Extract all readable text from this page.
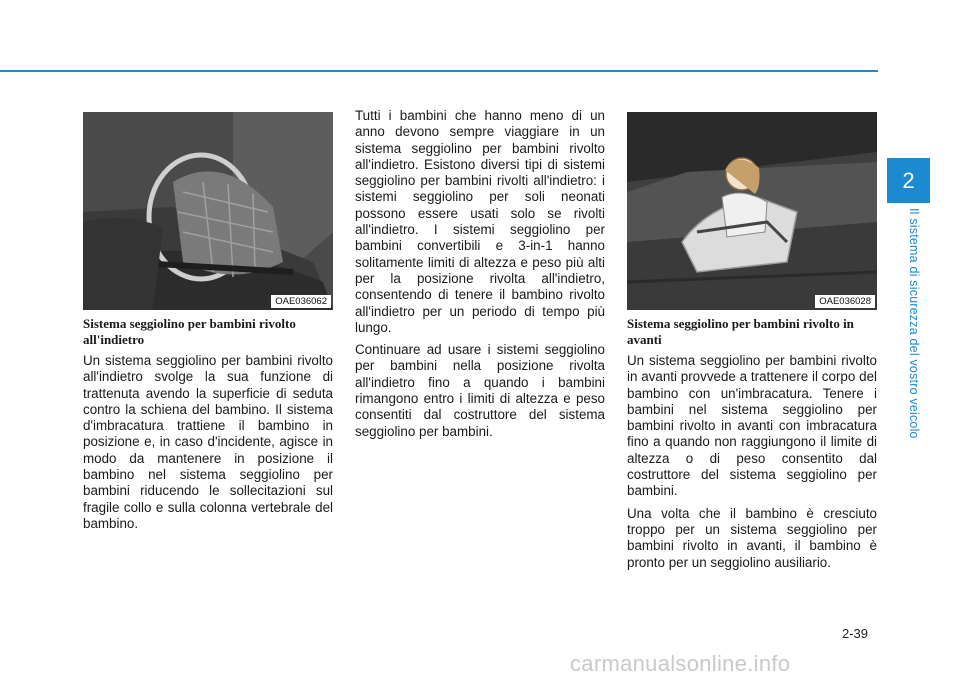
2
Il sistema di sicurezza del vostro veicolo
OAE036062
Sistema seggiolino per bambini rivolto all'indietro

Un sistema seggiolino per bambini rivolto all'indietro svolge la sua funzione di trattenuta avendo la superficie di seduta contro la schiena del bambino. Il sistema d'imbracatura trattiene il bambino in posizione e, in caso d'incidente, agisce in modo da mantenere in posizione il bambino nel sistema seggiolino per bambini riducendo le sollecitazioni sul fragile collo e sulla colonna vertebrale del bambino.

Tutti i bambini che hanno meno di un anno devono sempre viaggiare in un sistema seggiolino per bambini rivolto all'indietro. Esistono diversi tipi di sistemi seggiolino per bambini rivolti all'indietro: i sistemi seggiolino per soli neonati possono essere usati solo se rivolti all'indietro. I sistemi seggiolino per bambini convertibili e 3-in-1 hanno solitamente limiti di altezza e peso più alti per la posizione rivolta all'indietro, consentendo di tenere il bambino rivolto all'indietro per un periodo di tempo più lungo.

Continuare ad usare i sistemi seggiolino per bambini nella posizione rivolta all'indietro fino a quando i bambini rimangono entro i limiti di altezza e peso consentiti dal costruttore del sistema seggiolino per bambini.

OAE036028
Sistema seggiolino per bambini rivolto in avanti

Un sistema seggiolino per bambini rivolto in avanti provvede a trattenere il corpo del bambino con un'imbracatura. Tenere i bambini nel sistema seggiolino per bambini rivolto in avanti con imbracatura fino a quando non raggiungono il limite di altezza o di peso consentito dal costruttore del sistema seggiolino per bambini.

Una volta che il bambino è cresciuto troppo per un sistema seggiolino per bambini rivolto in avanti, il bambino è pronto per un seggiolino ausiliario.

2-39
carmanualsonline.info
